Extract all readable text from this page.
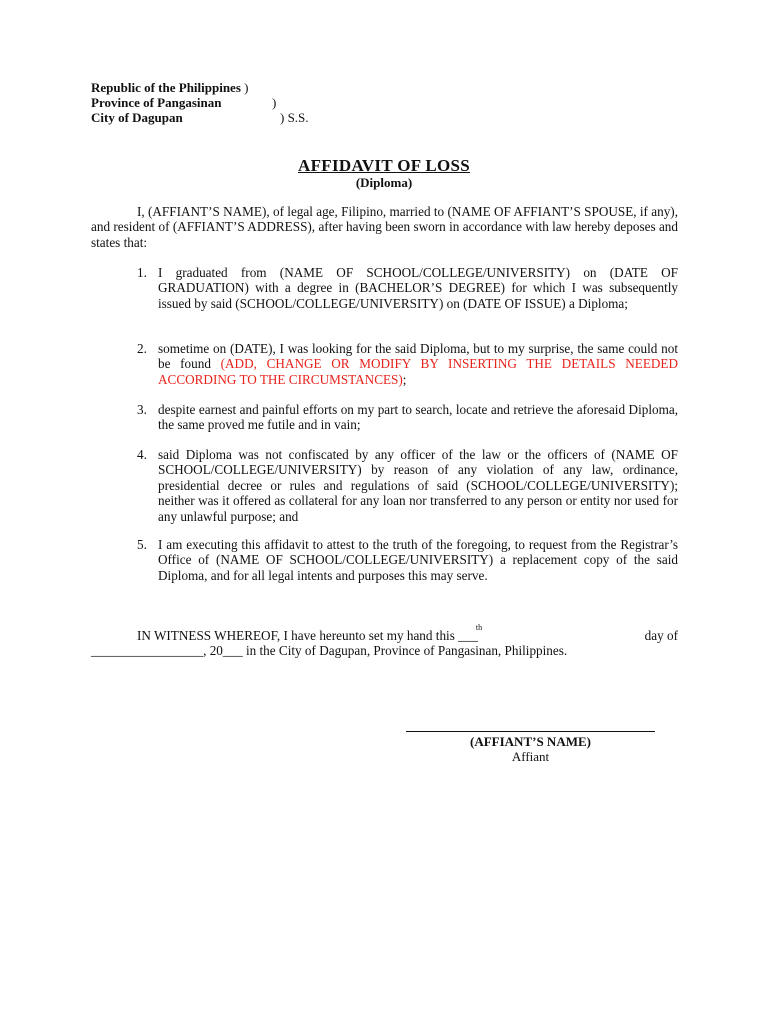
Republic of the Philippines )
Province of Pangasinan	)
City of Dagupan	) S.S.
AFFIDAVIT OF LOSS
(Diploma)
I, (AFFIANT’S NAME), of legal age, Filipino, married to (NAME OF AFFIANT’S SPOUSE, if any), and resident of (AFFIANT’S ADDRESS), after having been sworn in accordance with law hereby deposes and states that:
1. I graduated from (NAME OF SCHOOL/COLLEGE/UNIVERSITY) on (DATE OF GRADUATION) with a degree in (BACHELOR’S DEGREE) for which I was subsequently issued by said (SCHOOL/COLLEGE/UNIVERSITY) on (DATE OF ISSUE) a Diploma;
2. sometime on (DATE), I was looking for the said Diploma, but to my surprise, the same could not be found (ADD, CHANGE OR MODIFY BY INSERTING THE DETAILS NEEDED ACCORDING TO THE CIRCUMSTANCES);
3. despite earnest and painful efforts on my part to search, locate and retrieve the aforesaid Diploma, the same proved me futile and in vain;
4. said Diploma was not confiscated by any officer of the law or the officers of (NAME OF SCHOOL/COLLEGE/UNIVERSITY) by reason of any violation of any law, ordinance, presidential decree or rules and regulations of said (SCHOOL/COLLEGE/UNIVERSITY); neither was it offered as collateral for any loan nor transferred to any person or entity nor used for any unlawful purpose; and
5. I am executing this affidavit to attest to the truth of the foregoing, to request from the Registrar’s Office of (NAME OF SCHOOL/COLLEGE/UNIVERSITY) a replacement copy of the said Diploma, and for all legal intents and purposes this may serve.
IN WITNESS WHEREOF, I have hereunto set my hand this ___
th
day of
_________________, 20___ in the City of Dagupan, Province of Pangasinan, Philippines.
(AFFIANT’S NAME)
Affiant
